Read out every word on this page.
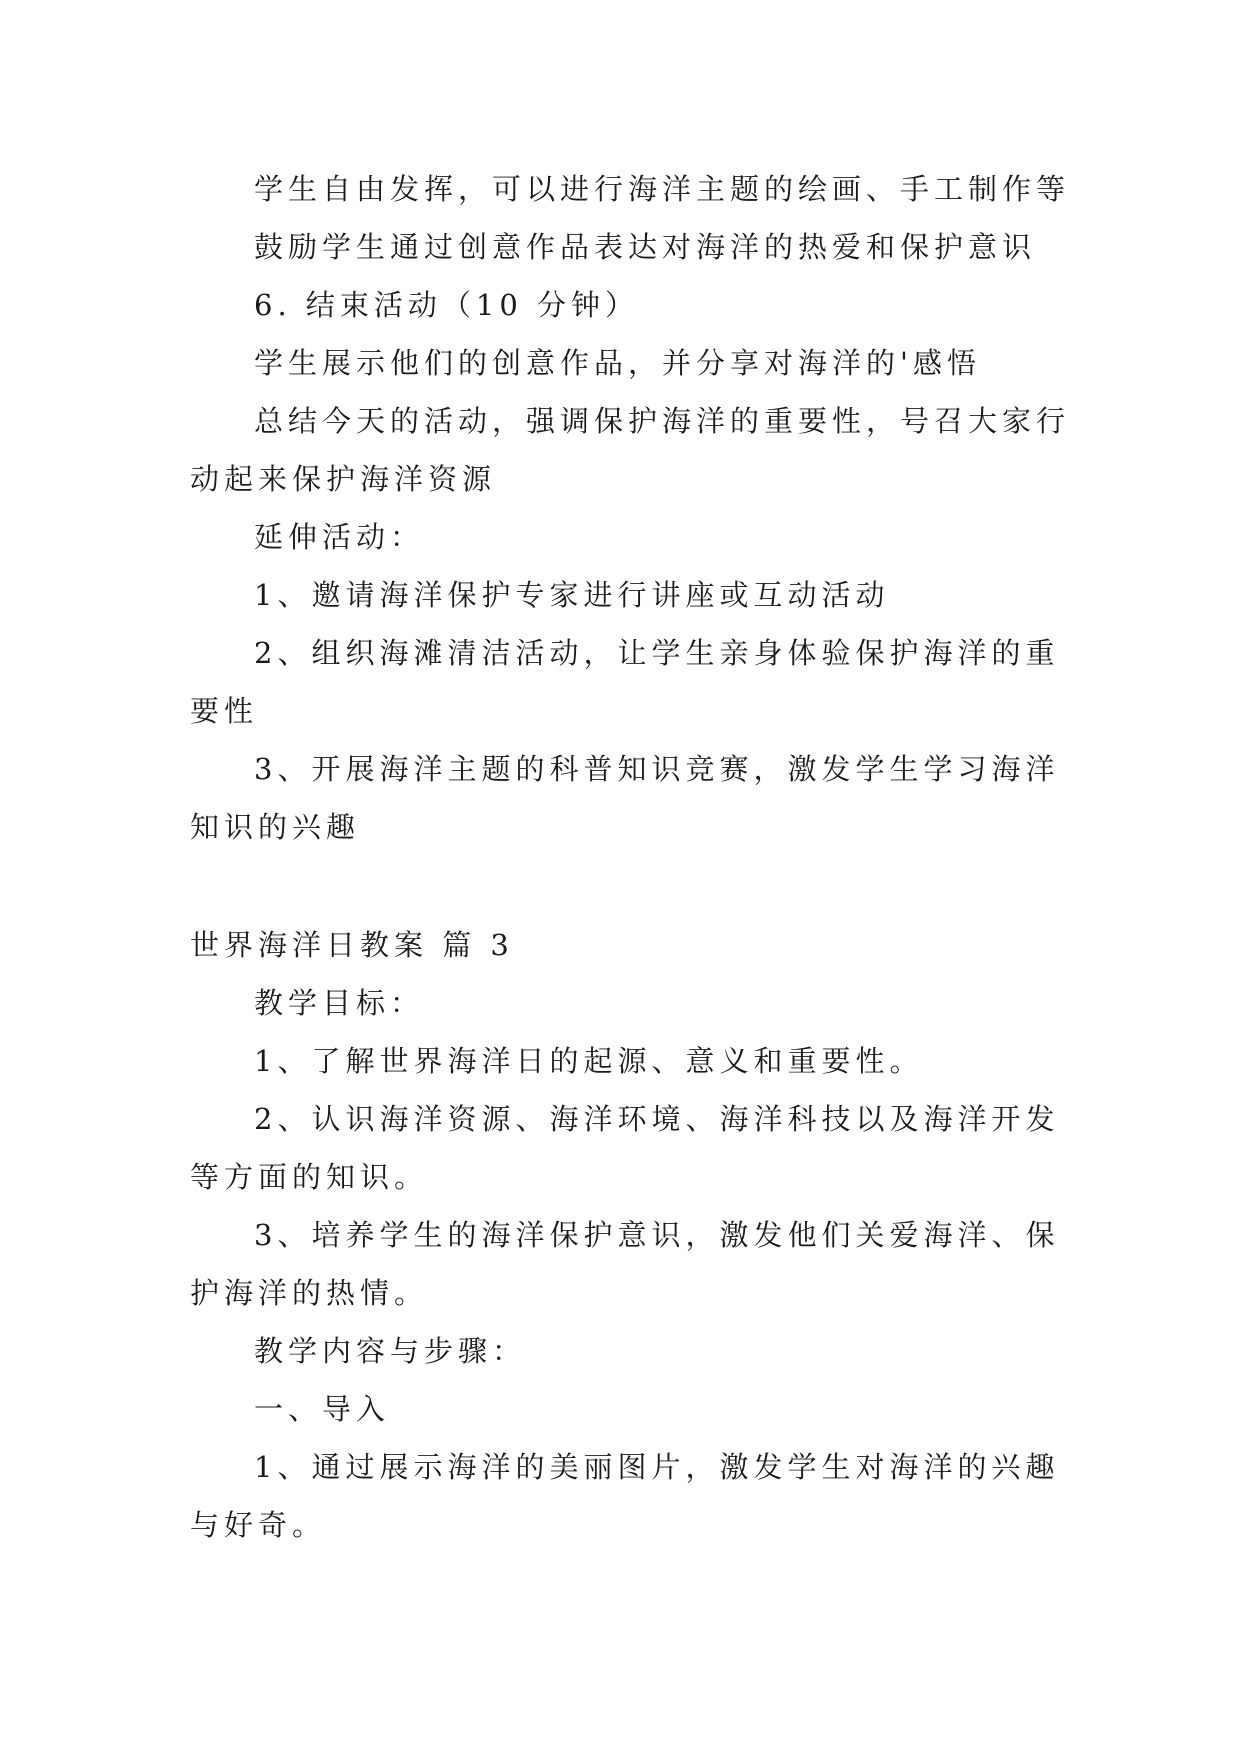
学生自由发挥，可以进行海洋主题的绘画、手工制作等

鼓励学生通过创意作品表达对海洋的热爱和保护意识

6. 结束活动（10 分钟）

学生展示他们的创意作品，并分享对海洋的'感悟

总结今天的活动，强调保护海洋的重要性，号召大家行

动起来保护海洋资源

延伸活动：

1、邀请海洋保护专家进行讲座或互动活动

2、组织海滩清洁活动，让学生亲身体验保护海洋的重

要性

3、开展海洋主题的科普知识竞赛，激发学生学习海洋

知识的兴趣

世界海洋日教案 篇 3

教学目标：

1、了解世界海洋日的起源、意义和重要性。

2、认识海洋资源、海洋环境、海洋科技以及海洋开发

等方面的知识。

3、培养学生的海洋保护意识，激发他们关爱海洋、保

护海洋的热情。

教学内容与步骤：

一、导入

1、通过展示海洋的美丽图片，激发学生对海洋的兴趣

与好奇。
